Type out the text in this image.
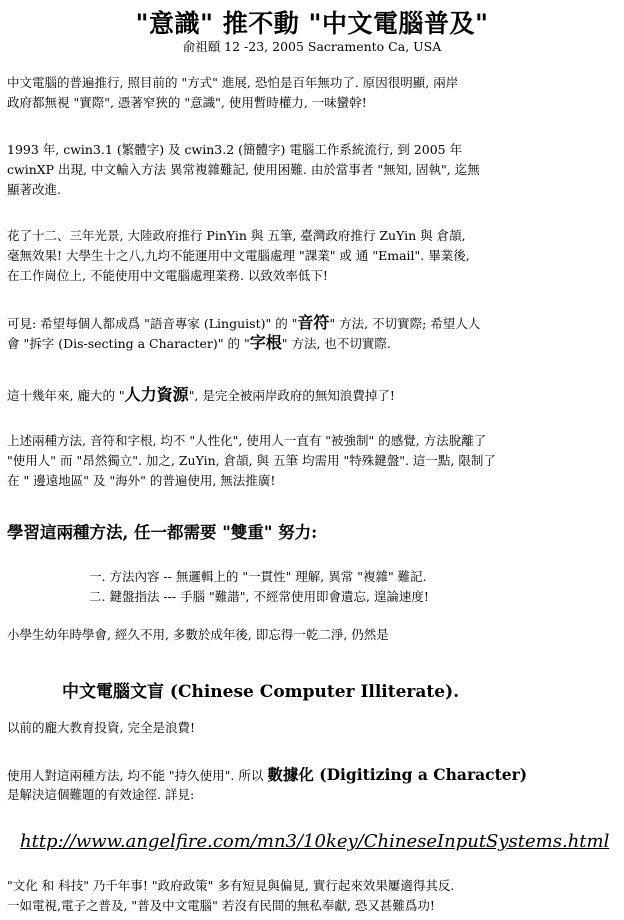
"意識" 推不動 "中文電腦普及"
俞祖頤 12 -23, 2005 Sacramento Ca, USA
中文電腦的普遍推行, 照目前的 "方式" 進展, 恐怕是百年無功了. 原因很明顯, 兩岸
政府都無視 "實際", 憑著窄狹的 "意識", 使用暫時權力, 一味蠻幹!
1993 年, cwin3.1 (繁體字) 及 cwin3.2 (簡體字) 電腦工作系統流行, 到 2005 年
cwinXP 出現, 中文輸入方法 異常複雜難記, 使用困難. 由於當事者 "無知, 固執", 迄無
顯著改進.
花了十二、三年光景, 大陸政府推行 PinYin 與 五筆, 臺灣政府推行 ZuYin 與 倉頡,
毫無效果! 大學生十之八,九均不能運用中文電腦處理 "課業" 或 通 "Email". 畢業後,
在工作崗位上, 不能使用中文電腦處理業務. 以致效率低下!
可見: 希望每個人都成爲 "語音專家 (Linguist)" 的 "音符" 方法, 不切實際; 希望人人
會 "拆字 (Dis-secting a Character)" 的 "字根" 方法, 也不切實際.
這十幾年來, 龐大的 "人力資源", 是完全被兩岸政府的無知浪費掉了!
上述兩種方法, 音符和字根, 均不 "人性化", 使用人一直有 "被強制" 的感覺, 方法脫離了
"使用人" 而 "昂然獨立". 加之, ZuYin, 倉頡, 與 五筆 均需用 "特殊鍵盤". 這一點, 限制了
在 " 邊遠地區" 及 "海外" 的普遍使用, 無法推廣!
學習這兩種方法, 任一都需要 "雙重" 努力:
一. 方法內容 -- 無邏輯上的 "一貫性" 理解, 異常 "複雜" 難記.
二. 鍵盤指法 --- 手腦 "難諧", 不經常使用即會遺忘, 遑論速度!
小學生幼年時學會, 經久不用, 多數於成年後, 即忘得一乾二淨, 仍然是
中文電腦文盲 (Chinese Computer Illiterate).
以前的龐大教育投資, 完全是浪費!
使用人對這兩種方法, 均不能 "持久使用". 所以 數據化 (Digitizing a Character)
是解決這個難題的有效途徑. 詳見:
http://www.angelfire.com/mn3/10key/ChineseInputSystems.html
"文化 和 科技" 乃千年事! "政府政策" 多有短見與偏見, 實行起來效果屢適得其反.
一如電視,電子之普及, "普及中文電腦" 若沒有民間的無私奉獻, 恐又甚難爲功!
